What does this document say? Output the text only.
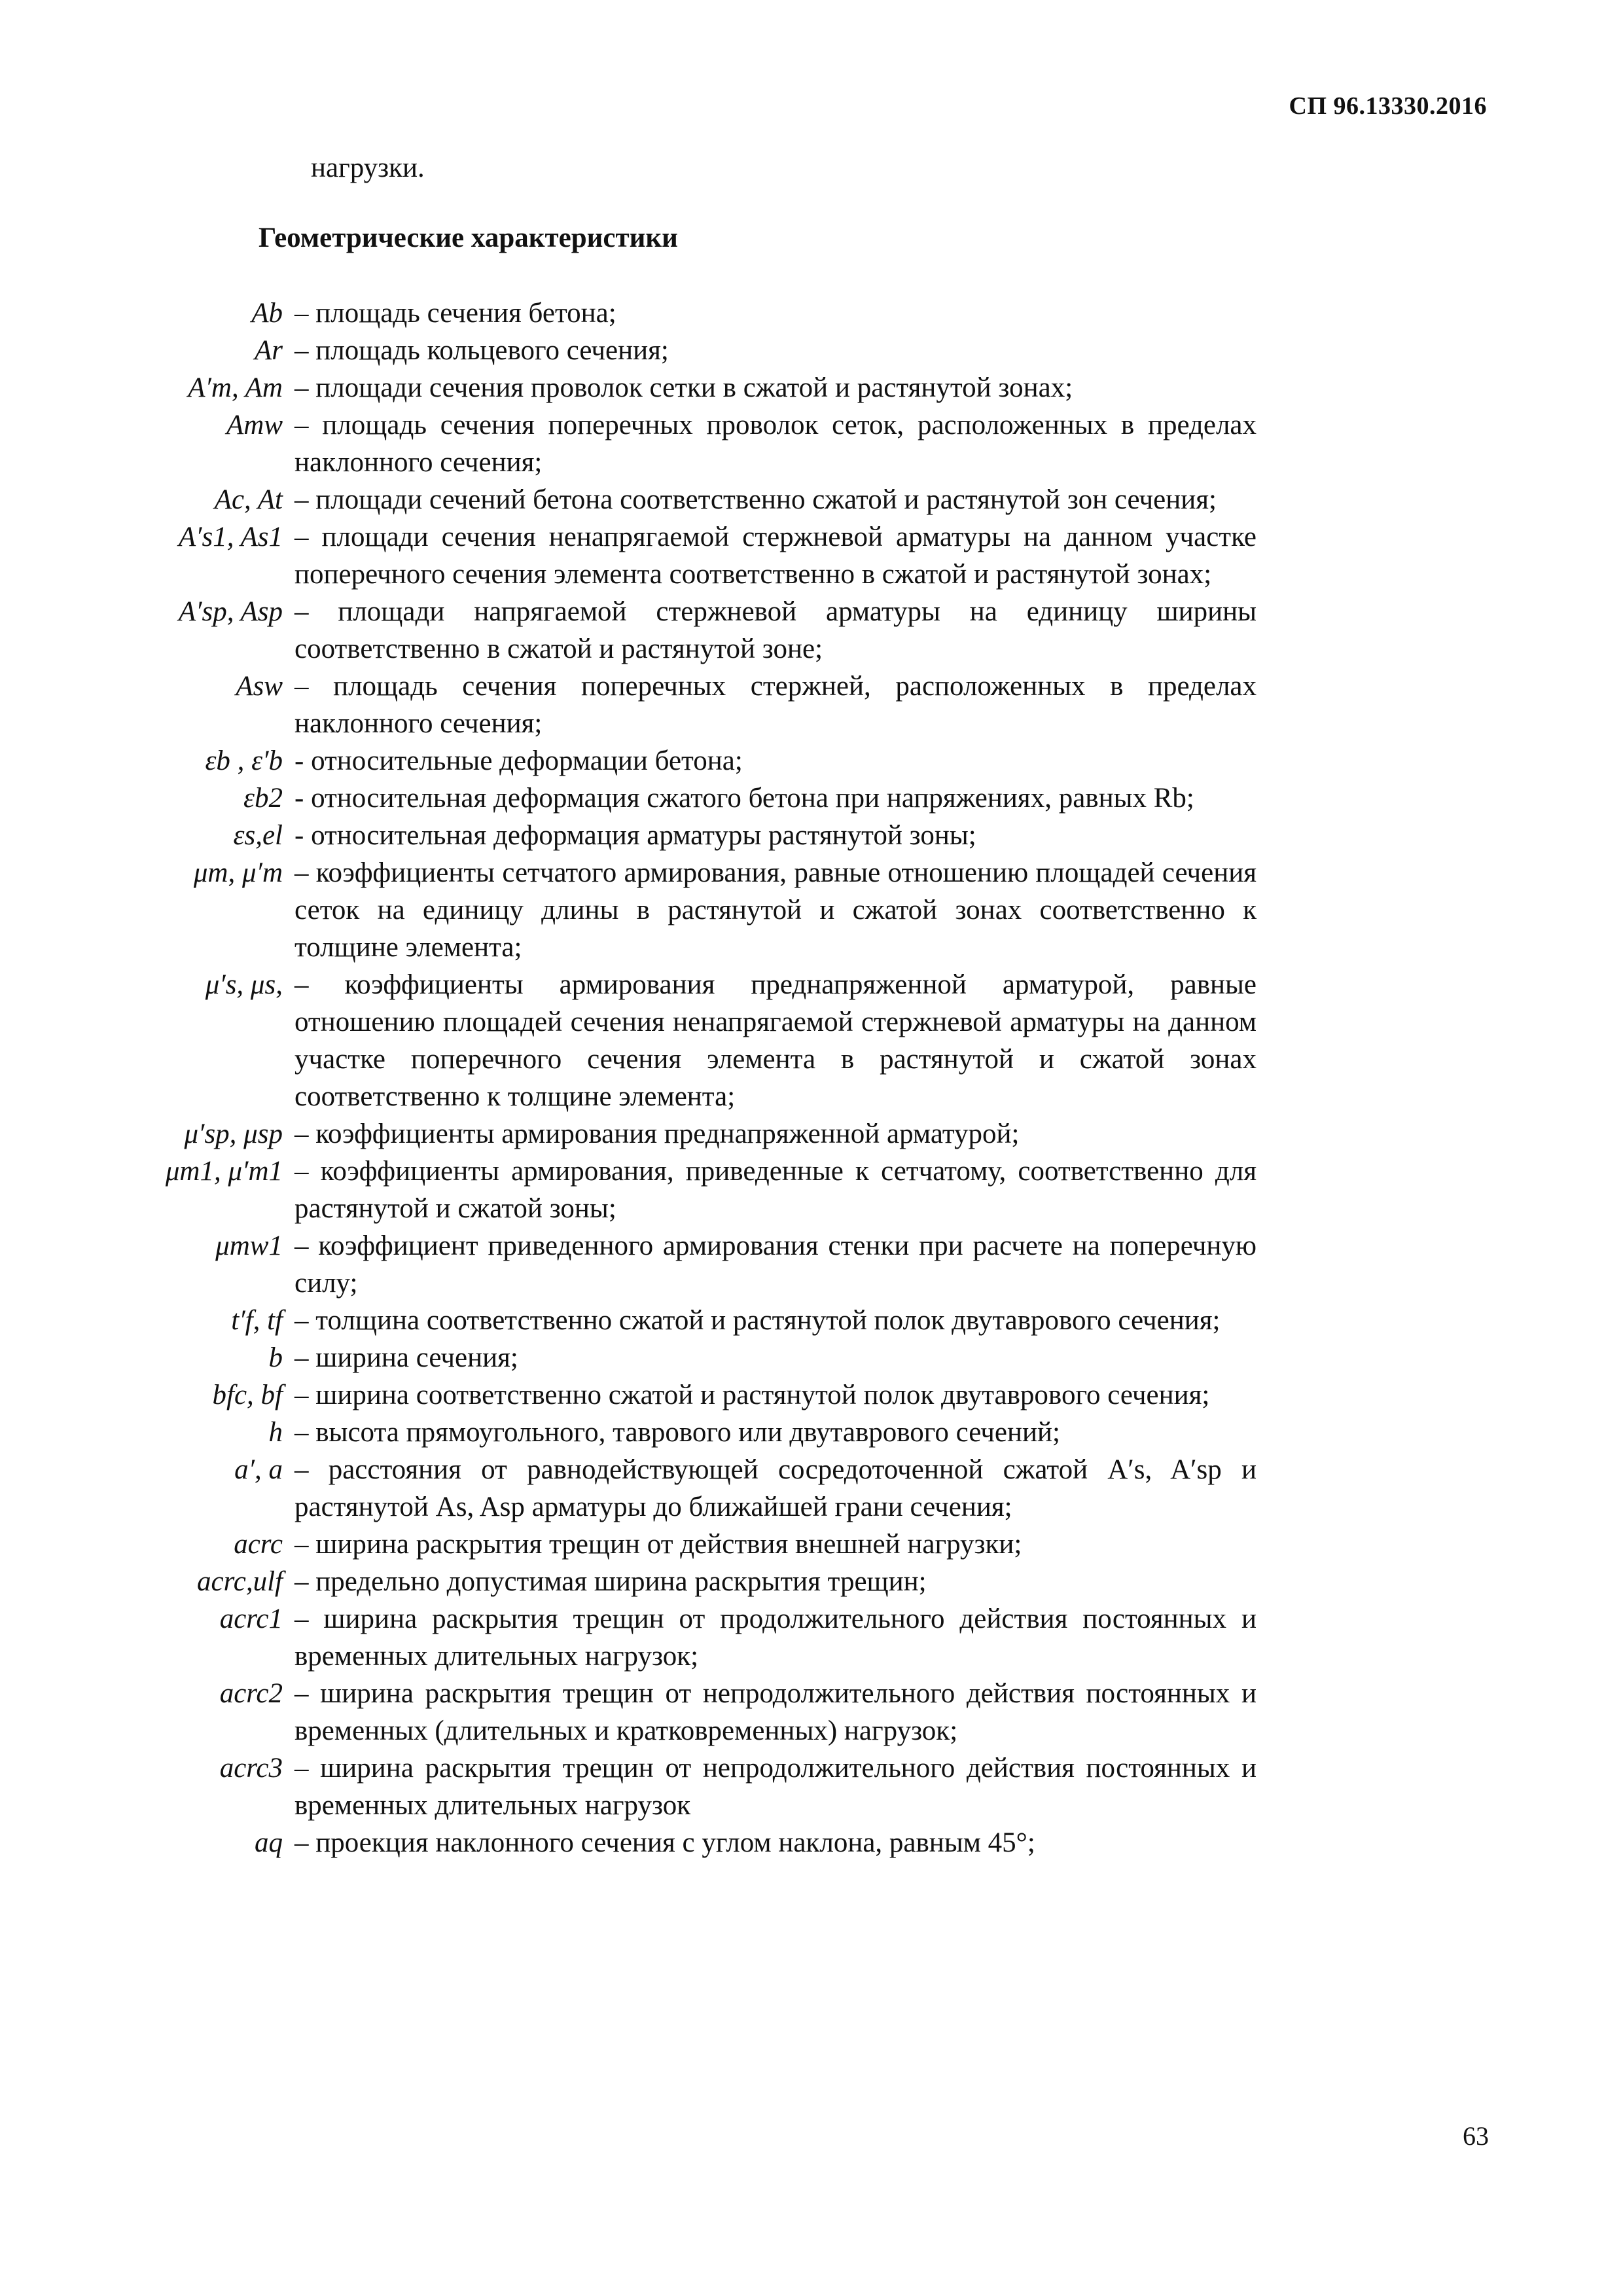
СП 96.13330.2016
нагрузки.
Геометрические характеристики
Ab – площадь сечения бетона;
Ar – площадь кольцевого сечения;
A′m, Am – площади сечения проволок сетки в сжатой и растянутой зонах;
Amw – площадь сечения поперечных проволок сеток, расположенных в пределах наклонного сечения;
Ac, At – площади сечений бетона соответственно сжатой и растянутой зон сечения;
A′s1, As1 – площади сечения ненапрягаемой стержневой арматуры на данном участке поперечного сечения элемента соответственно в сжатой и растянутой зонах;
A′sp, Asp – площади напрягаемой стержневой арматуры на единицу ширины соответственно в сжатой и растянутой зоне;
Asw – площадь сечения поперечных стержней, расположенных в пределах наклонного сечения;
εb , ε′b - относительные деформации бетона;
εb2 - относительная деформация сжатого бетона при напряжениях, равных Rb;
εs,el - относительная деформация арматуры растянутой зоны;
μm, μ′m – коэффициенты сетчатого армирования, равные отношению площадей сечения сеток на единицу длины в растянутой и сжатой зонах соответственно к толщине элемента;
μ′s, μs, – коэффициенты армирования преднапряженной арматурой, равные отношению площадей сечения ненапрягаемой стержневой арматуры на данном участке поперечного сечения элемента в растянутой и сжатой зонах соответственно к толщине элемента;
μ′sp, μsp – коэффициенты армирования преднапряженной арматурой;
μm1, μ′m1 – коэффициенты армирования, приведенные к сетчатому, соответственно для растянутой и сжатой зоны;
μmw1 – коэффициент приведенного армирования стенки при расчете на поперечную силу;
t′f, tf – толщина соответственно сжатой и растянутой полок двутаврового сечения;
b – ширина сечения;
bfc, bf – ширина соответственно сжатой и растянутой полок двутаврового сечения;
h – высота прямоугольного, таврового или двутаврового сечений;
a′, a – расстояния от равнодействующей сосредоточенной сжатой A′s, A′sp и растянутой As, Asp арматуры до ближайшей грани сечения;
acrc – ширина раскрытия трещин от действия внешней нагрузки;
acrc,ulf – предельно допустимая ширина раскрытия трещин;
acrc1 – ширина раскрытия трещин от продолжительного действия постоянных и временных длительных нагрузок;
acrc2 – ширина раскрытия трещин от непродолжительного действия постоянных и временных (длительных и кратковременных) нагрузок;
acrc3 – ширина раскрытия трещин от непродолжительного действия постоянных и временных длительных нагрузок
aq – проекция наклонного сечения с углом наклона, равным 45°;
63
